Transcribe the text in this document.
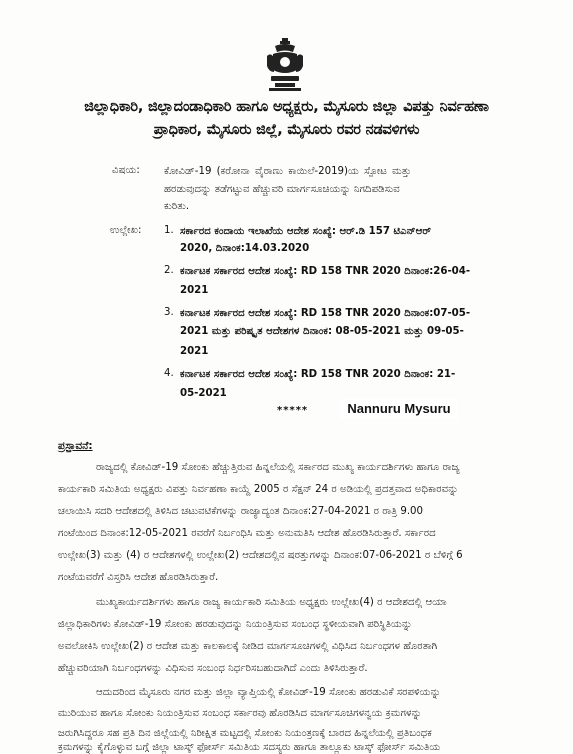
ಜಿಲ್ಲಾಧಿಕಾರಿ, ಜಿಲ್ಲಾದಂಡಾಧಿಕಾರಿ ಹಾಗೂ ಅಧ್ಯಕ್ಷರು, ಮೈಸೂರು ಜಿಲ್ಲಾ ವಿಪತ್ತು ನಿರ್ವಹಣಾ
ಪ್ರಾಧಿಕಾರ, ಮೈಸೂರು ಜಿಲ್ಲೆ, ಮೈಸೂರು ರವರ ನಡವಳಿಗಳು
ವಿಷಯ: ಕೋವಿಡ್-19 (ಕರೋನಾ ವೈರಾಣು ಕಾಯಿಲೆ-2019)ಯ ಸ್ಪೋಟ ಮತ್ತು
ಹರಡುವುದನ್ನು ತಡೆಗಟ್ಟುವ ಹೆಚ್ಚುವರಿ ಮಾರ್ಗಸೂಚಿಯನ್ನು ನಿಗದಿಪಡಿಸುವ
ಕುರಿತು.
ಉಲ್ಲೇಖ: 1. ಸರ್ಕಾರದ ಕಂದಾಯ ಇಲಾಖೆಯ ಆದೇಶ ಸಂಖ್ಯೆ: ಆರ್.ಡಿ 157 ಟಿಎನ್ಆರ್
2020, ದಿನಾಂಕ:14.03.2020
2. ಕರ್ನಾಟಕ ಸರ್ಕಾರದ ಆದೇಶ ಸಂಖ್ಯೆ: RD 158 TNR 2020 ದಿನಾಂಕ:26-04-
2021
3. ಕರ್ನಾಟಕ ಸರ್ಕಾರದ ಆದೇಶ ಸಂಖ್ಯೆ: RD 158 TNR 2020 ದಿನಾಂಕ:07-05-
2021 ಮತ್ತು ಪರಿಷ್ಕೃತ ಆದೇಶಗಳ ದಿನಾಂಕ: 08-05-2021 ಮತ್ತು 09-05-
2021
4. ಕರ್ನಾಟಕ ಸರ್ಕಾರದ ಆದೇಶ ಸಂಖ್ಯೆ: RD 158 TNR 2020 ದಿನಾಂಕ: 21-
05-2021
*****	Nannuru Mysuru
ಪ್ರಸ್ತಾವನೆ:
ರಾಜ್ಯದಲ್ಲಿ ಕೋವಿಡ್-19 ಸೋಂಕು ಹೆಚ್ಚುತ್ತಿರುವ ಹಿನ್ನಲೆಯಲ್ಲಿ ಸರ್ಕಾರದ ಮುಖ್ಯ ಕಾರ್ಯದರ್ಶಿಗಳು ಹಾಗೂ ರಾಜ್ಯ
ಕಾರ್ಯಕಾರಿ ಸಮಿತಿಯ ಅಧ್ಯಕ್ಷರು ವಿಪತ್ತು ನಿರ್ವಹಣಾ ಕಾಯ್ದೆ 2005 ರ ಸೆಕ್ಷನ್ 24 ರ ಅಡಿಯಲ್ಲಿ ಪ್ರದತ್ತವಾದ ಅಧಿಕಾರವನ್ನು
ಚಲಾಯಿಸಿ ಸದರಿ ಆದೇಶದಲ್ಲಿ ತಿಳಿಸಿದ ಚಟುವಟಿಕೆಗಳನ್ನು ರಾಜ್ಯಾದ್ಯಂತ ದಿನಾಂಕ:27-04-2021 ರ ರಾತ್ರಿ 9.00
ಗಂಟೆಯಿಂದ ದಿನಾಂಕ:12-05-2021 ರವರೆಗೆ ನಿರ್ಬಂಧಿಸಿ ಮತ್ತು ಅನುಮತಿಸಿ ಆದೇಶ ಹೊರಡಿಸಿರುತ್ತಾರೆ. ಸರ್ಕಾರದ
ಉಲ್ಲೇಖ(3) ಮತ್ತು (4) ರ ಆದೇಶಗಳಲ್ಲಿ ಉಲ್ಲೇಖ(2) ಆದೇಶದಲ್ಲಿನ ಷರತ್ತುಗಳನ್ನು ದಿನಾಂಕ:07-06-2021 ರ ಬೆಳಿಗ್ಗೆ 6
ಗಂಟೆಯವರೆಗೆ ವಿಸ್ತರಿಸಿ ಆದೇಶ ಹೊರಡಿಸಿರುತ್ತಾರೆ.
ಮುಖ್ಯಕಾರ್ಯದರ್ಶಿಗಳು ಹಾಗೂ ರಾಜ್ಯ ಕಾರ್ಯಕಾರಿ ಸಮಿತಿಯ ಅಧ್ಯಕ್ಷರು ಉಲ್ಲೇಖ(4) ರ ಆದೇಶದಲ್ಲಿ ಆಯಾ
ಜಿಲ್ಲಾಧಿಕಾರಿಗಳು ಕೋವಿಡ್-19 ಸೋಂಕು ಹರಡುವುದನ್ನು ನಿಯಂತ್ರಿಸುವ ಸಂಬಂಧ ಸ್ಥಳೀಯವಾಗಿ ಪರಿಸ್ಥಿತಿಯನ್ನು
ಅವಲೋಕಿಸಿ ಉಲ್ಲೇಖ(2) ರ ಆದೇಶ ಮತ್ತು ಕಾಲಕಾಲಕ್ಕೆ ನೀಡಿದ ಮಾರ್ಗಸೂಚಿಗಳಲ್ಲಿ ವಿಧಿಸಿದ ನಿರ್ಬಂಧಗಳ ಹೊರತಾಗಿ
ಹೆಚ್ಚುವರಿಯಾಗಿ ನಿರ್ಬಂಧಗಳನ್ನು ವಿಧಿಸುವ ಸಂಬಂಧ ನಿರ್ಧರಿಸಬಹುದಾಗಿದೆ ಎಂದು ತಿಳಿಸಿರುತ್ತಾರೆ.
ಆದುದರಿಂದ ಮೈಸೂರು ನಗರ ಮತ್ತು ಜಿಲ್ಲಾ ವ್ಯಾಪ್ತಿಯಲ್ಲಿ ಕೋವಿಡ್-19 ಸೋಂಕು ಹರಡುವಿಕೆ ಸರಪಳಿಯನ್ನು
ಮುರಿಯುವ ಹಾಗೂ ಸೋಂಕು ನಿಯಂತ್ರಿಸುವ ಸಂಬಂಧ ಸರ್ಕಾರವು ಹೊರಡಿಸಿದ ಮಾರ್ಗಸೂಚಿಗಳನ್ವಯ ಕ್ರಮಗಳನ್ನು
ಜರುಗಿಸಿದ್ದರೂ ಸಹ ಪ್ರತಿ ದಿನ ಜಿಲ್ಲೆಯಲ್ಲಿ ನಿರೀಕ್ಷಿತ ಮಟ್ಟದಲ್ಲಿ ಸೋಂಕು ನಿಯಂತ್ರಣಕ್ಕೆ ಬಾರದ ಹಿನ್ನಲೆಯಲ್ಲಿ ಪ್ರತಿಬಂಧಕ
ಕ್ರಮಗಳನ್ನು ಕೈಗೊಳ್ಳುವ ಬಗ್ಗೆ ಜಿಲ್ಲಾ ಟಾಸ್ಕ್ ಫೋರ್ಸ್ ಸಮಿತಿಯ ಸದಸ್ಯರು ಹಾಗೂ ತಾಲ್ಲೂಕು ಟಾಸ್ಕ್ ಫೋರ್ಸ್ ಸಮಿತಿಯ
